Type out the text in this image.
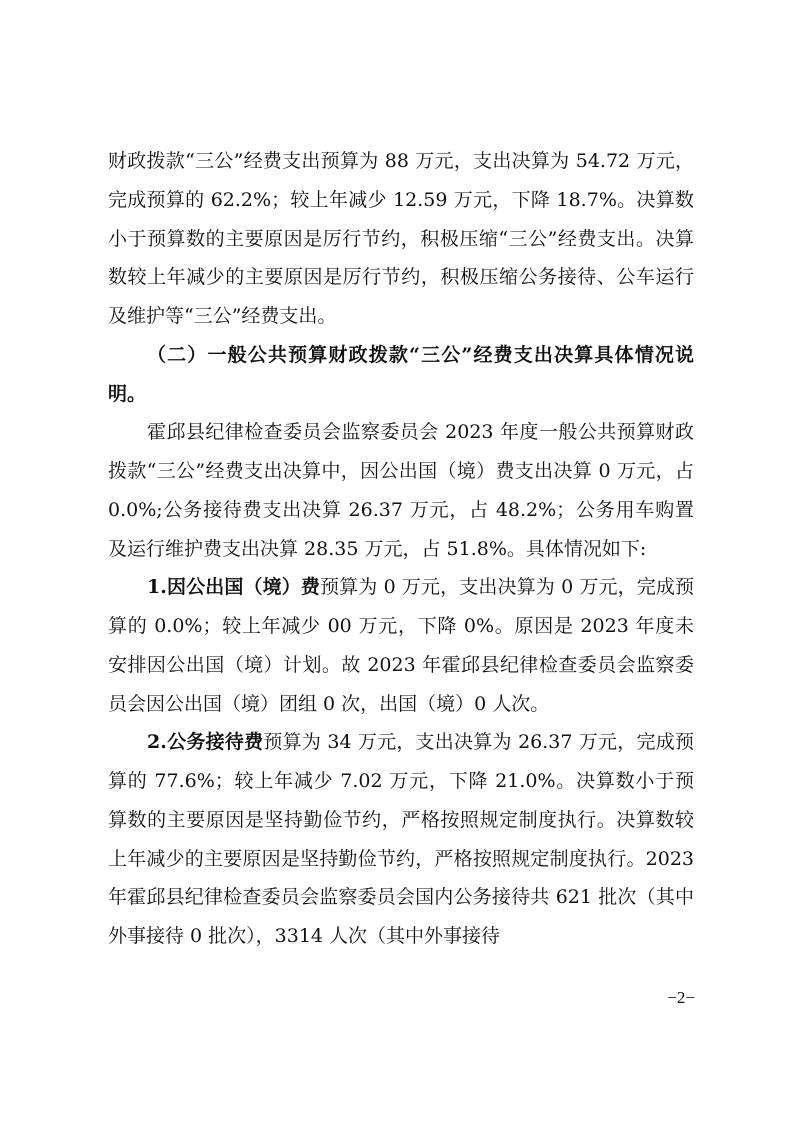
财政拨款“三公”经费支出预算为 88 万元，支出决算为 54.72 万元，完成预算的 62.2%；较上年减少 12.59 万元，下降 18.7%。决算数小于预算数的主要原因是厉行节约，积极压缩“三公”经费支出。决算数较上年减少的主要原因是厉行节约，积极压缩公务接待、公车运行及维护等“三公”经费支出。

（二）一般公共预算财政拨款“三公”经费支出决算具体情况说明。

霍邱县纪律检查委员会监察委员会 2023 年度一般公共预算财政拨款“三公”经费支出决算中，因公出国（境）费支出决算 0 万元，占 0.0%;公务接待费支出决算 26.37 万元，占 48.2%；公务用车购置及运行维护费支出决算 28.35 万元，占 51.8%。具体情况如下:

1.因公出国（境）费预算为 0 万元，支出决算为 0 万元，完成预算的 0.0%；较上年减少 00 万元，下降 0%。原因是 2023 年度未安排因公出国（境）计划。故 2023 年霍邱县纪律检查委员会监察委员会因公出国（境）团组 0 次，出国（境）0 人次。

2.公务接待费预算为 34 万元，支出决算为 26.37 万元，完成预算的 77.6%；较上年减少 7.02 万元，下降 21.0%。决算数小于预算数的主要原因是坚持勤俭节约，严格按照规定制度执行。决算数较上年减少的主要原因是坚持勤俭节约，严格按照规定制度执行。2023 年霍邱县纪律检查委员会监察委员会国内公务接待共 621 批次（其中外事接待 0 批次），3314 人次（其中外事接待

−2−
